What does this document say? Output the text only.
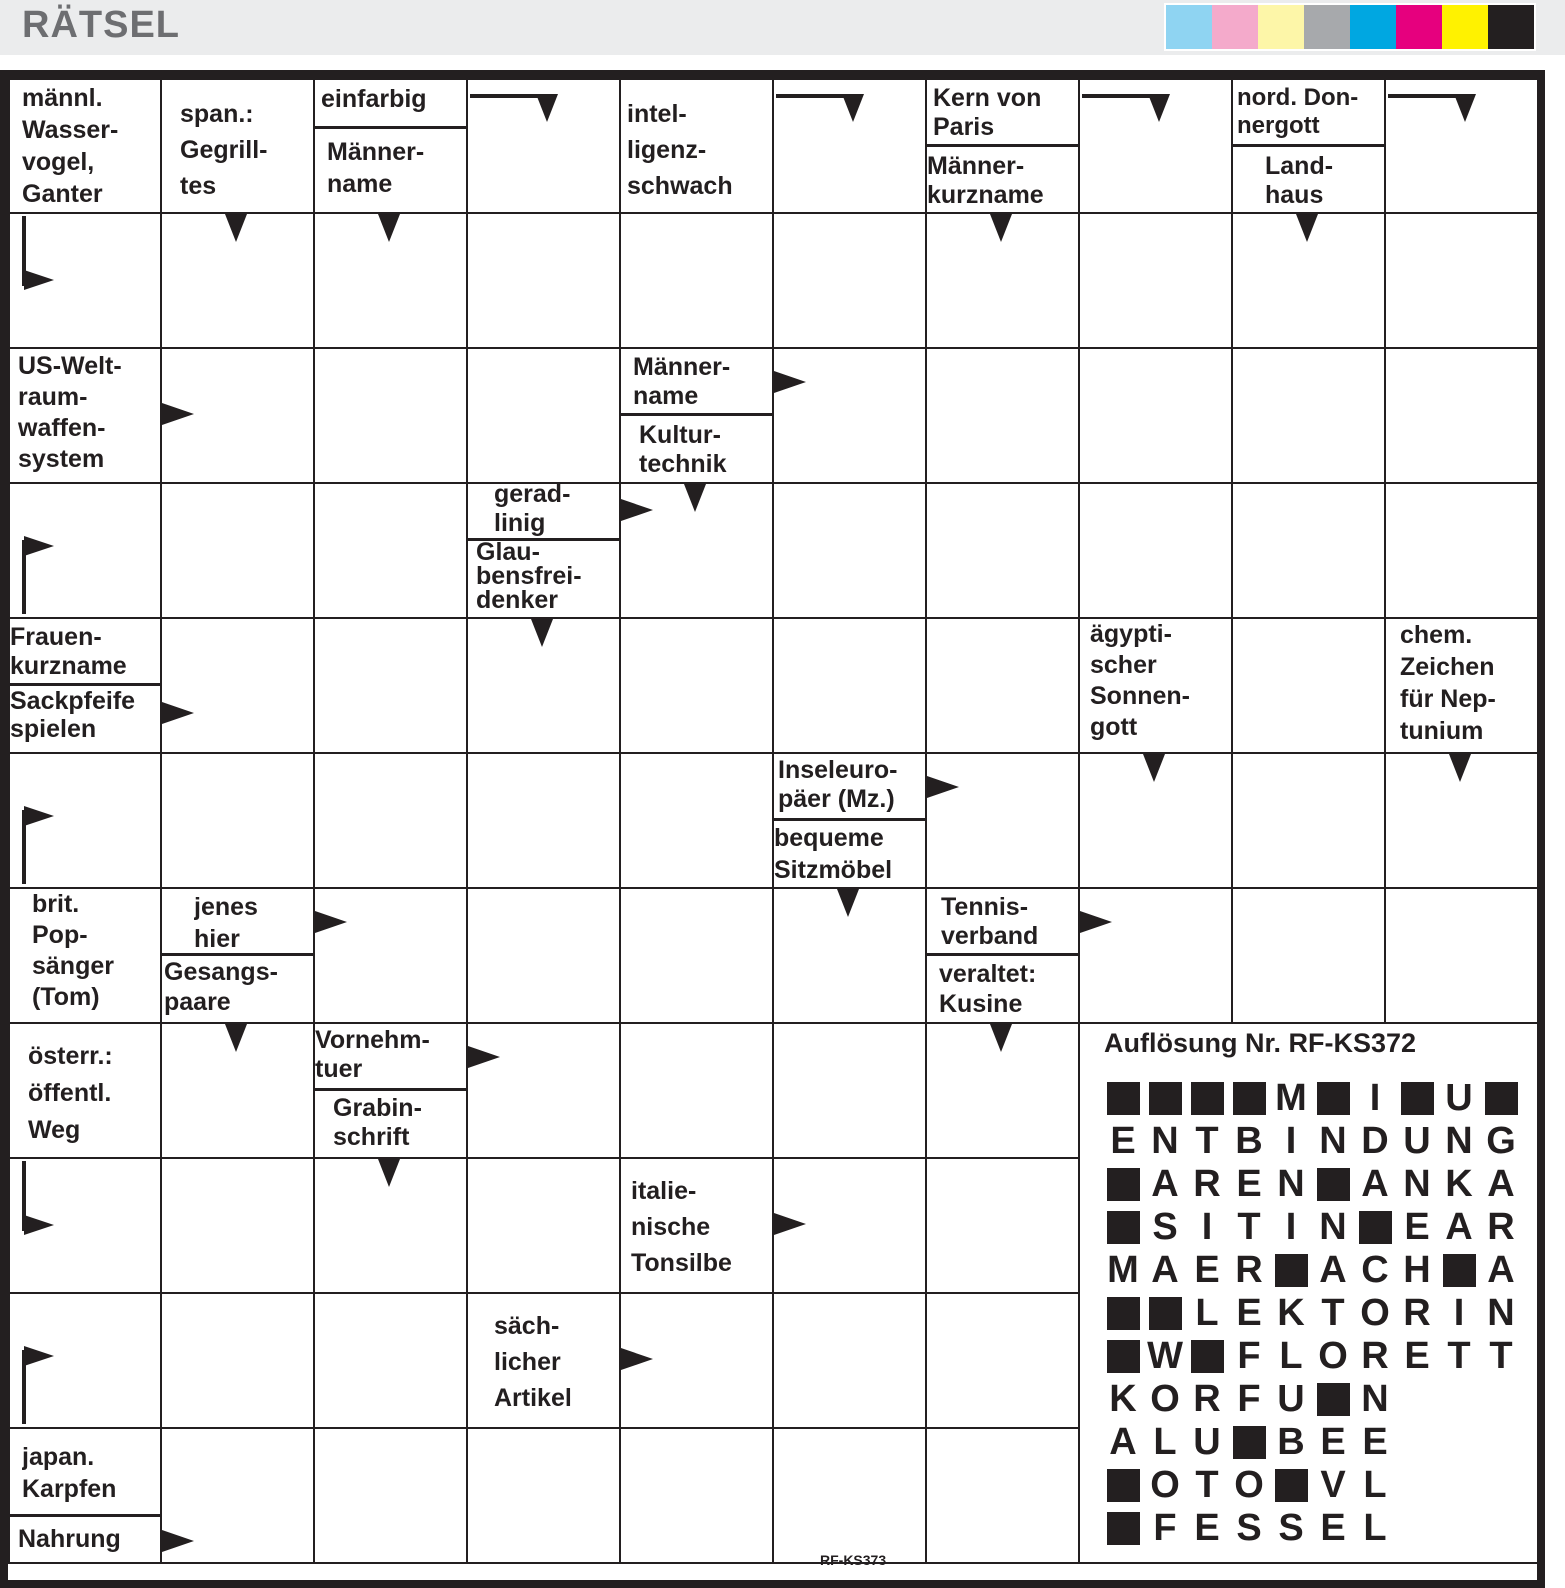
RÄTSEL
männl.
Wasser-
vogel,
Ganter
span.:
Gegrill-
tes
einfarbig
Männer-
name
intel-
ligenz-
schwach
Kern von
Paris
Männer-
kurzname
nord. Don-
nergott
Land-
haus
US-Welt-
raum-
waffen-
system
Männer-
name
Kultur-
technik
gerad-
linig
Glau-
bensfrei-
denker
Frauen-
kurzname
Sackpfeife
spielen
ägypti-
scher
Sonnen-
gott
chem.
Zeichen
für Nep-
tunium
Inseleuro-
päer (Mz.)
bequeme
Sitzmöbel
brit.
Pop-
sänger
(Tom)
jenes
hier
Gesangs-
paare
Tennis-
verband
veraltet:
Kusine
österr.:
öffentl.
Weg
Vornehm-
tuer
Grabin-
schrift
italie-
nische
Tonsilbe
säch-
licher
Artikel
japan.
Karpfen
Nahrung
Auflösung Nr. RF-KS372
M	I	U
E N T B I N D U N G
A R E N A N K A
S I T I N E A R
M A E R A C H A
L E K T O R I N
W F L O R E T T
K O R F U N
A L U B E E
O T O V L
F E S S E L
RF-KS373
